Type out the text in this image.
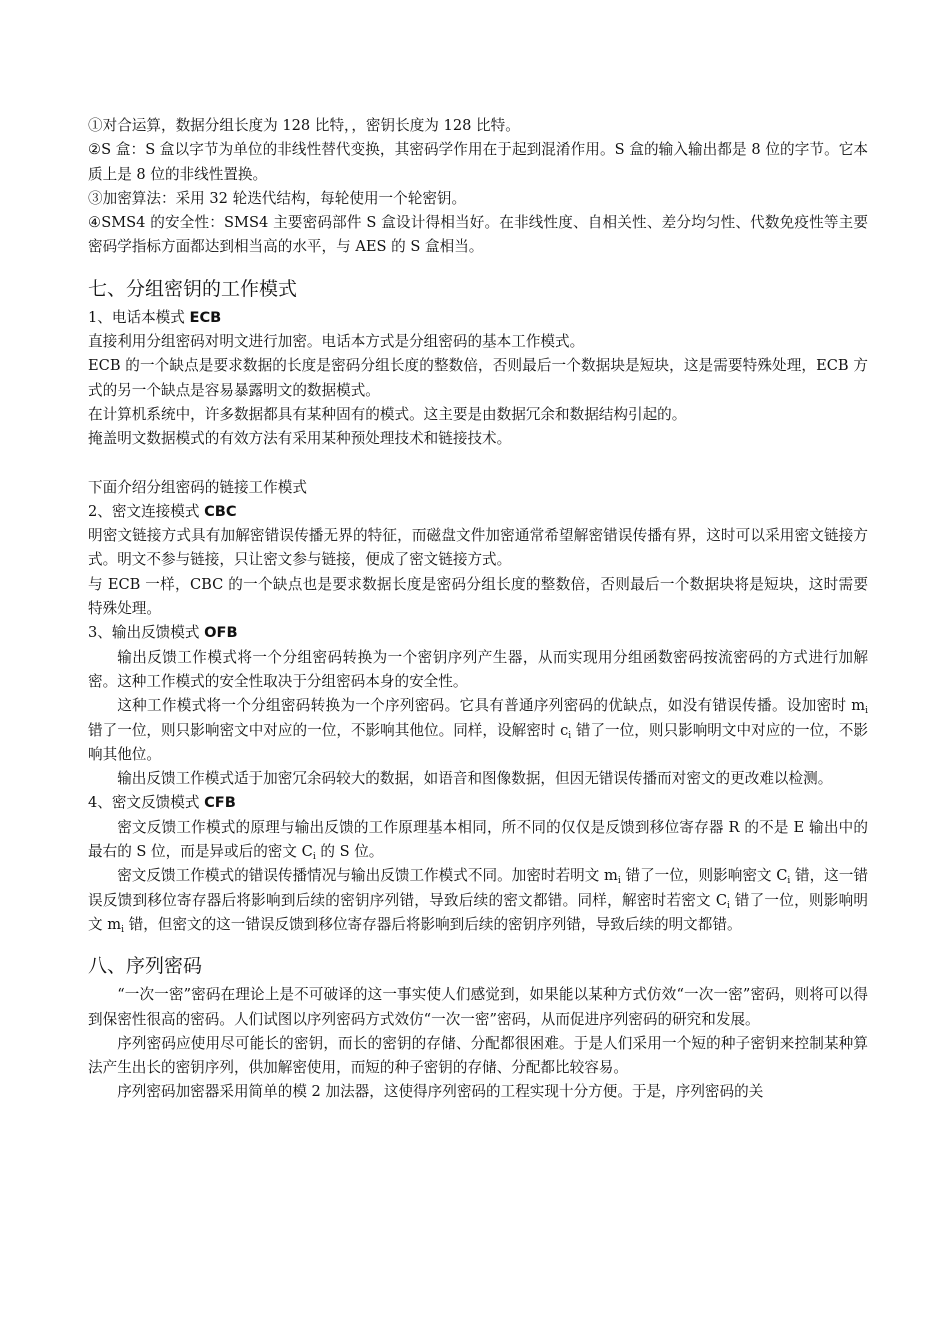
①对合运算，数据分组长度为 128 比特，，密钥长度为 128 比特。

②S 盒：S 盒以字节为单位的非线性替代变换，其密码学作用在于起到混淆作用。S 盒的输入输出都是 8 位的字节。它本质上是 8 位的非线性置换。

③加密算法：采用 32 轮迭代结构，每轮使用一个轮密钥。

④SMS4 的安全性：SMS4 主要密码部件 S 盒设计得相当好。在非线性度、自相关性、差分均匀性、代数免疫性等主要密码学指标方面都达到相当高的水平，与 AES 的 S 盒相当。

七、分组密钥的工作模式

1、电话本模式 ECB

直接利用分组密码对明文进行加密。电话本方式是分组密码的基本工作模式。

ECB 的一个缺点是要求数据的长度是密码分组长度的整数倍，否则最后一个数据块是短块，这是需要特殊处理，ECB 方式的另一个缺点是容易暴露明文的数据模式。

在计算机系统中，许多数据都具有某种固有的模式。这主要是由数据冗余和数据结构引起的。

掩盖明文数据模式的有效方法有采用某种预处理技术和链接技术。

下面介绍分组密码的链接工作模式

2、密文连接模式 CBC

明密文链接方式具有加解密错误传播无界的特征，而磁盘文件加密通常希望解密错误传播有界，这时可以采用密文链接方式。明文不参与链接，只让密文参与链接，便成了密文链接方式。

与 ECB 一样，CBC 的一个缺点也是要求数据长度是密码分组长度的整数倍，否则最后一个数据块将是短块，这时需要特殊处理。

3、输出反馈模式 OFB

输出反馈工作模式将一个分组密码转换为一个密钥序列产生器，从而实现用分组函数密码按流密码的方式进行加解密。这种工作模式的安全性取决于分组密码本身的安全性。

这种工作模式将一个分组密码转换为一个序列密码。它具有普通序列密码的优缺点，如没有错误传播。设加密时 $m_i$ 错了一位，则只影响密文中对应的一位，不影响其他位。同样，设解密时 $c_i$ 错了一位，则只影响明文中对应的一位，不影响其他位。

输出反馈工作模式适于加密冗余码较大的数据，如语音和图像数据，但因无错误传播而对密文的更改难以检测。

4、密文反馈模式 CFB

密文反馈工作模式的原理与输出反馈的工作原理基本相同，所不同的仅仅是反馈到移位寄存器 R 的不是 E 输出中的最右的 S 位，而是异或后的密文 $C_i$ 的 S 位。

密文反馈工作模式的错误传播情况与输出反馈工作模式不同。加密时若明文 $m_i$ 错了一位，则影响密文 $C_i$ 错，这一错误反馈到移位寄存器后将影响到后续的密钥序列错，导致后续的密文都错。同样，解密时若密文 $C_i$ 错了一位，则影响明文 $m_i$ 错，但密文的这一错误反馈到移位寄存器后将影响到后续的密钥序列错，导致后续的明文都错。

八、序列密码

“一次一密”密码在理论上是不可破译的这一事实使人们感觉到，如果能以某种方式仿效“一次一密”密码，则将可以得到保密性很高的密码。人们试图以序列密码方式效仿“一次一密”密码，从而促进序列密码的研究和发展。

序列密码应使用尽可能长的密钥，而长的密钥的存储、分配都很困难。于是人们采用一个短的种子密钥来控制某种算法产生出长的密钥序列，供加解密使用，而短的种子密钥的存储、分配都比较容易。

序列密码加密器采用简单的模 2 加法器，这使得序列密码的工程实现十分方便。于是，序列密码的关
